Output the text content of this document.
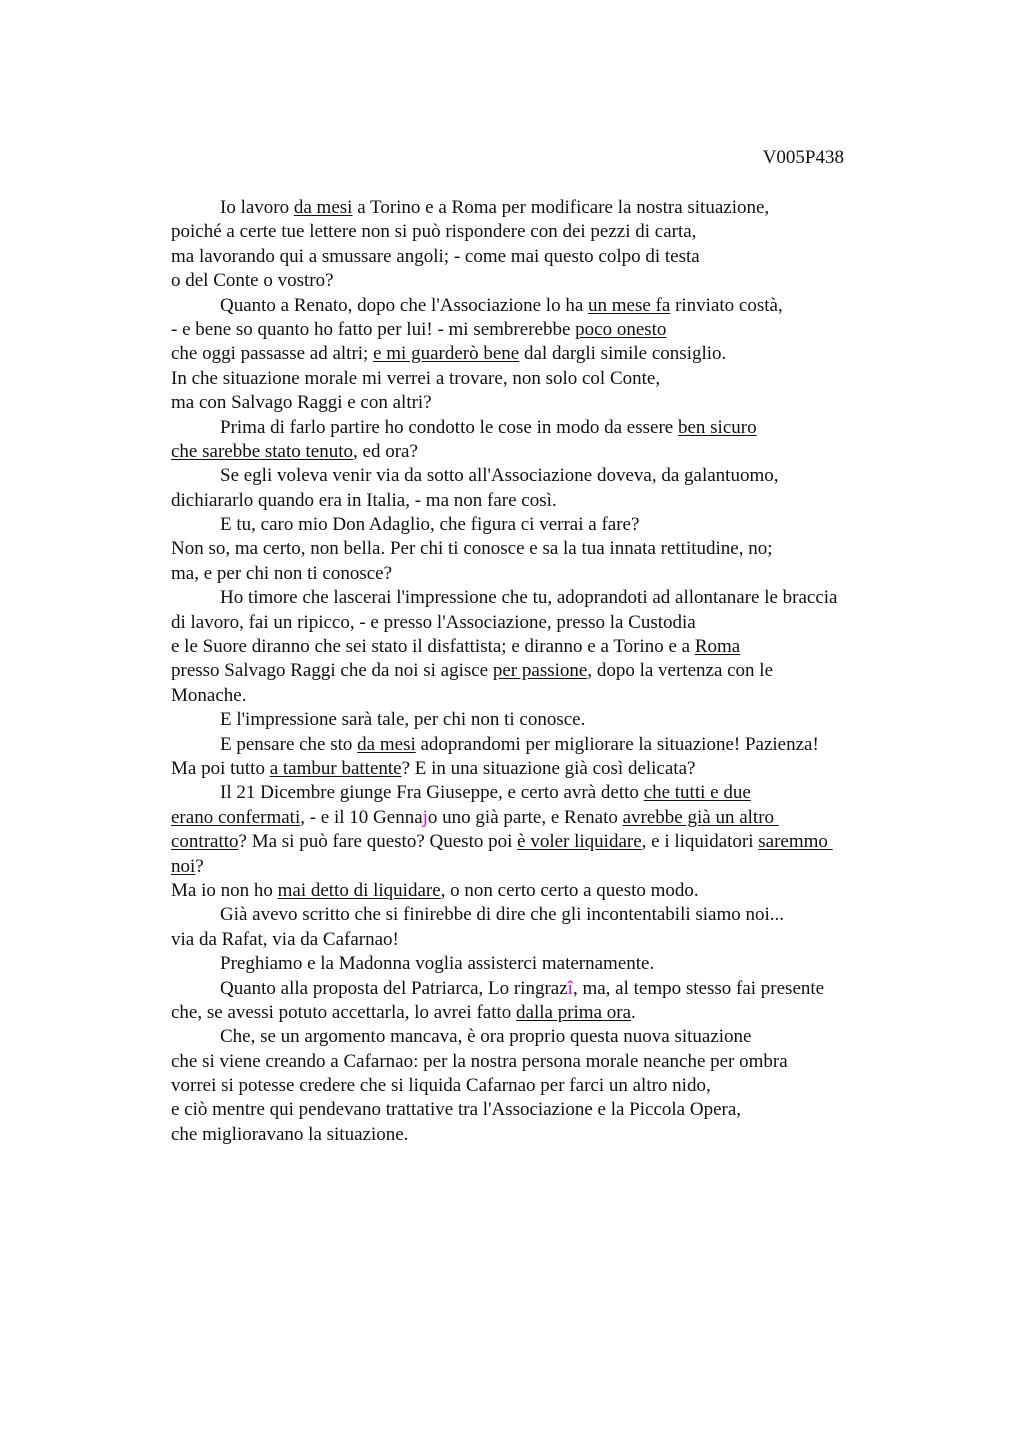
V005P438
Io lavoro da mesi a Torino e a Roma per modificare la nostra situazione,
poiché a certe tue lettere non si può rispondere con dei pezzi di carta,
ma lavorando qui a smussare angoli; - come mai questo colpo di testa
o del Conte o vostro?
Quanto a Renato, dopo che l'Associazione lo ha un mese fa rinviato costà,
- e bene so quanto ho fatto per lui! - mi sembrerebbe poco onesto
che oggi passasse ad altri; e mi guarderò bene dal dargli simile consiglio.
In che situazione morale mi verrei a trovare, non solo col Conte,
ma con Salvago Raggi e con altri?
Prima di farlo partire ho condotto le cose in modo da essere ben sicuro
che sarebbe stato tenuto, ed ora?
Se egli voleva venir via da sotto all'Associazione doveva, da galantuomo,
dichiararlo quando era in Italia, - ma non fare così.
E tu, caro mio Don Adaglio, che figura ci verrai a fare?
Non so, ma certo, non bella. Per chi ti conosce e sa la tua innata rettitudine, no;
ma, e per chi non ti conosce?
Ho timore che lascerai l'impressione che tu, adoprandoti ad allontanare le braccia
di lavoro, fai un ripicco, - e presso l'Associazione, presso la Custodia
e le Suore diranno che sei stato il disfattista; e diranno e a Torino e a Roma
presso Salvago Raggi che da noi si agisce per passione, dopo la vertenza con le
Monache.
E l'impressione sarà tale, per chi non ti conosce.
E pensare che sto da mesi adoprandomi per migliorare la situazione! Pazienza!
Ma poi tutto a tambur battente? E in una situazione già così delicata?
Il 21 Dicembre giunge Fra Giuseppe, e certo avrà detto che tutti e due
erano confermati, - e il 10 Gennajo uno già parte, e Renato avrebbe già un altro
contratto? Ma si può fare questo? Questo poi è voler liquidare, e i liquidatori saremmo
noi?
Ma io non ho mai detto di liquidare, o non certo certo a questo modo.
Già avevo scritto che si finirebbe di dire che gli incontentabili siamo noi...
via da Rafat, via da Cafarnao!
Preghiamo e la Madonna voglia assisterci maternamente.
Quanto alla proposta del Patriarca, Lo ringrazî, ma, al tempo stesso fai presente
che, se avessi potuto accettarla, lo avrei fatto dalla prima ora.
Che, se un argomento mancava, è ora proprio questa nuova situazione
che si viene creando a Cafarnao: per la nostra persona morale neanche per ombra
vorrei si potesse credere che si liquida Cafarnao per farci un altro nido,
e ciò mentre qui pendevano trattative tra l'Associazione e la Piccola Opera,
che miglioravano la situazione.
